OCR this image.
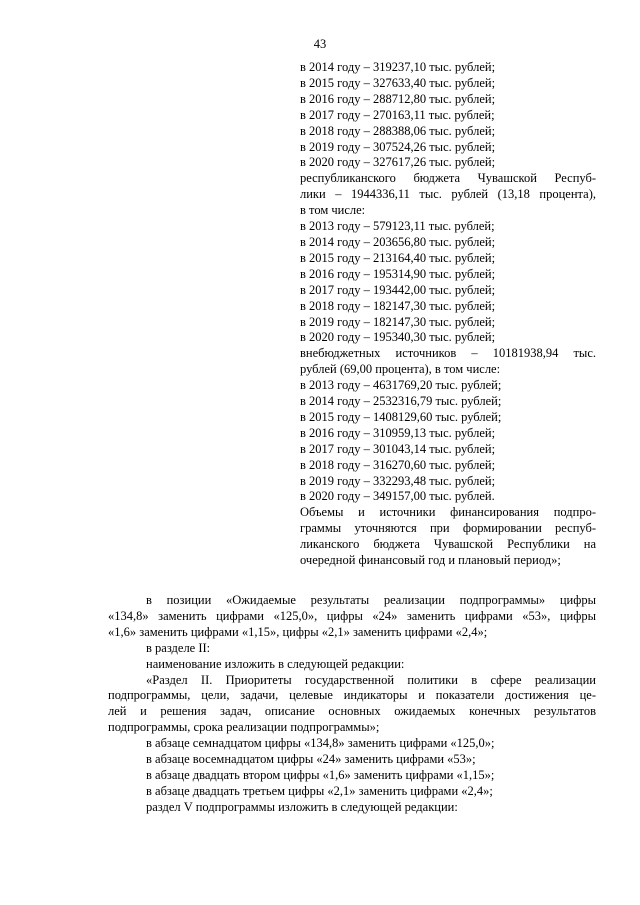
43
в 2014 году – 319237,10 тыс. рублей;
в 2015 году – 327633,40 тыс. рублей;
в 2016 году – 288712,80 тыс. рублей;
в 2017 году – 270163,11 тыс. рублей;
в 2018 году – 288388,06 тыс. рублей;
в 2019 году – 307524,26 тыс. рублей;
в 2020 году – 327617,26 тыс. рублей;
республиканского бюджета Чувашской Респуб-
лики – 1944336,11 тыс. рублей (13,18 процента),
в том числе:
в 2013 году – 579123,11 тыс. рублей;
в 2014 году – 203656,80 тыс. рублей;
в 2015 году – 213164,40 тыс. рублей;
в 2016 году – 195314,90 тыс. рублей;
в 2017 году – 193442,00 тыс. рублей;
в 2018 году – 182147,30 тыс. рублей;
в 2019 году – 182147,30 тыс. рублей;
в 2020 году – 195340,30 тыс. рублей;
внебюджетных источников – 10181938,94 тыс.
рублей (69,00 процента), в том числе:
в 2013 году – 4631769,20 тыс. рублей;
в 2014 году – 2532316,79 тыс. рублей;
в 2015 году – 1408129,60 тыс. рублей;
в 2016 году – 310959,13 тыс. рублей;
в 2017 году – 301043,14 тыс. рублей;
в 2018 году – 316270,60 тыс. рублей;
в 2019 году – 332293,48 тыс. рублей;
в 2020 году – 349157,00 тыс. рублей.
Объемы и источники финансирования подпро-
граммы уточняются при формировании респуб-
ликанского бюджета Чувашской Республики на
очередной финансовый год и плановый период»;
в позиции «Ожидаемые результаты реализации подпрограммы» цифры
«134,8» заменить цифрами «125,0», цифры «24» заменить цифрами «53», цифры
«1,6» заменить цифрами «1,15», цифры «2,1» заменить цифрами «2,4»;
в разделе II:
наименование изложить в следующей редакции:
«Раздел II. Приоритеты государственной политики в сфере реализации
подпрограммы, цели, задачи, целевые индикаторы и показатели достижения це-
лей и решения задач, описание основных ожидаемых конечных результатов
подпрограммы, срока реализации подпрограммы»;
в абзаце семнадцатом цифры «134,8» заменить цифрами «125,0»;
в абзаце восемнадцатом цифры «24» заменить цифрами «53»;
в абзаце двадцать втором цифры «1,6» заменить цифрами «1,15»;
в абзаце двадцать третьем цифры «2,1» заменить цифрами «2,4»;
раздел V подпрограммы изложить в следующей редакции:
